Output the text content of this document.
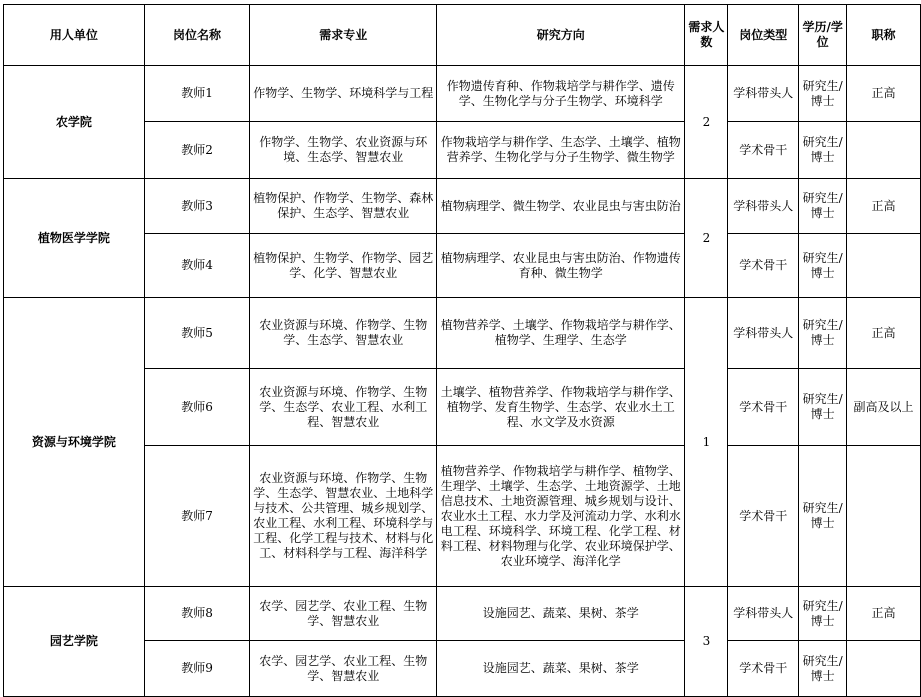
用人单位	岗位名称	需求专业	研究方向	需求人数	岗位类型	学历/学位	职称
农学院	教师1	作物学、生物学、环境科学与工程	作物遗传育种、作物栽培学与耕作学、遗传学、生物化学与分子生物学、环境科学	2	学科带头人	研究生/博士	正高
	教师2	作物学、生物学、农业资源与环境、生态学、智慧农业	作物栽培学与耕作学、生态学、土壤学、植物营养学、生物化学与分子生物学、微生物学		学术骨干	研究生/博士	
植物医学学院	教师3	植物保护、作物学、生物学、森林保护、生态学、智慧农业	植物病理学、微生物学、农业昆虫与害虫防治	2	学科带头人	研究生/博士	正高
	教师4	植物保护、生物学、作物学、园艺学、化学、智慧农业	植物病理学、农业昆虫与害虫防治、作物遗传育种、微生物学		学术骨干	研究生/博士	
资源与环境学院	教师5	农业资源与环境、作物学、生物学、生态学、智慧农业	植物营养学、土壤学、作物栽培学与耕作学、植物学、生理学、生态学	1	学科带头人	研究生/博士	正高
	教师6	农业资源与环境、作物学、生物学、生态学、农业工程、水利工程、智慧农业	土壤学、植物营养学、作物栽培学与耕作学、植物学、发育生物学、生态学、农业水土工程、水文学及水资源		学术骨干	研究生/博士	副高及以上
	教师7	农业资源与环境、作物学、生物学、生态学、智慧农业、土地科学与技术、公共管理、城乡规划学、农业工程、水利工程、环境科学与工程、化学工程与技术、材料与化工、材料科学与工程、海洋科学	植物营养学、作物栽培学与耕作学、植物学、生理学、土壤学、生态学、土地资源学、土地信息技术、土地资源管理、城乡规划与设计、农业水土工程、水力学及河流动力学、水利水电工程、环境科学、环境工程、化学工程、材料工程、材料物理与化学、农业环境保护学、农业环境学、海洋化学		学术骨干	研究生/博士	
园艺学院	教师8	农学、园艺学、农业工程、生物学、智慧农业	设施园艺、蔬菜、果树、茶学	3	学科带头人	研究生/博士	正高
	教师9	农学、园艺学、农业工程、生物学、智慧农业	设施园艺、蔬菜、果树、茶学		学术骨干	研究生/博士	
